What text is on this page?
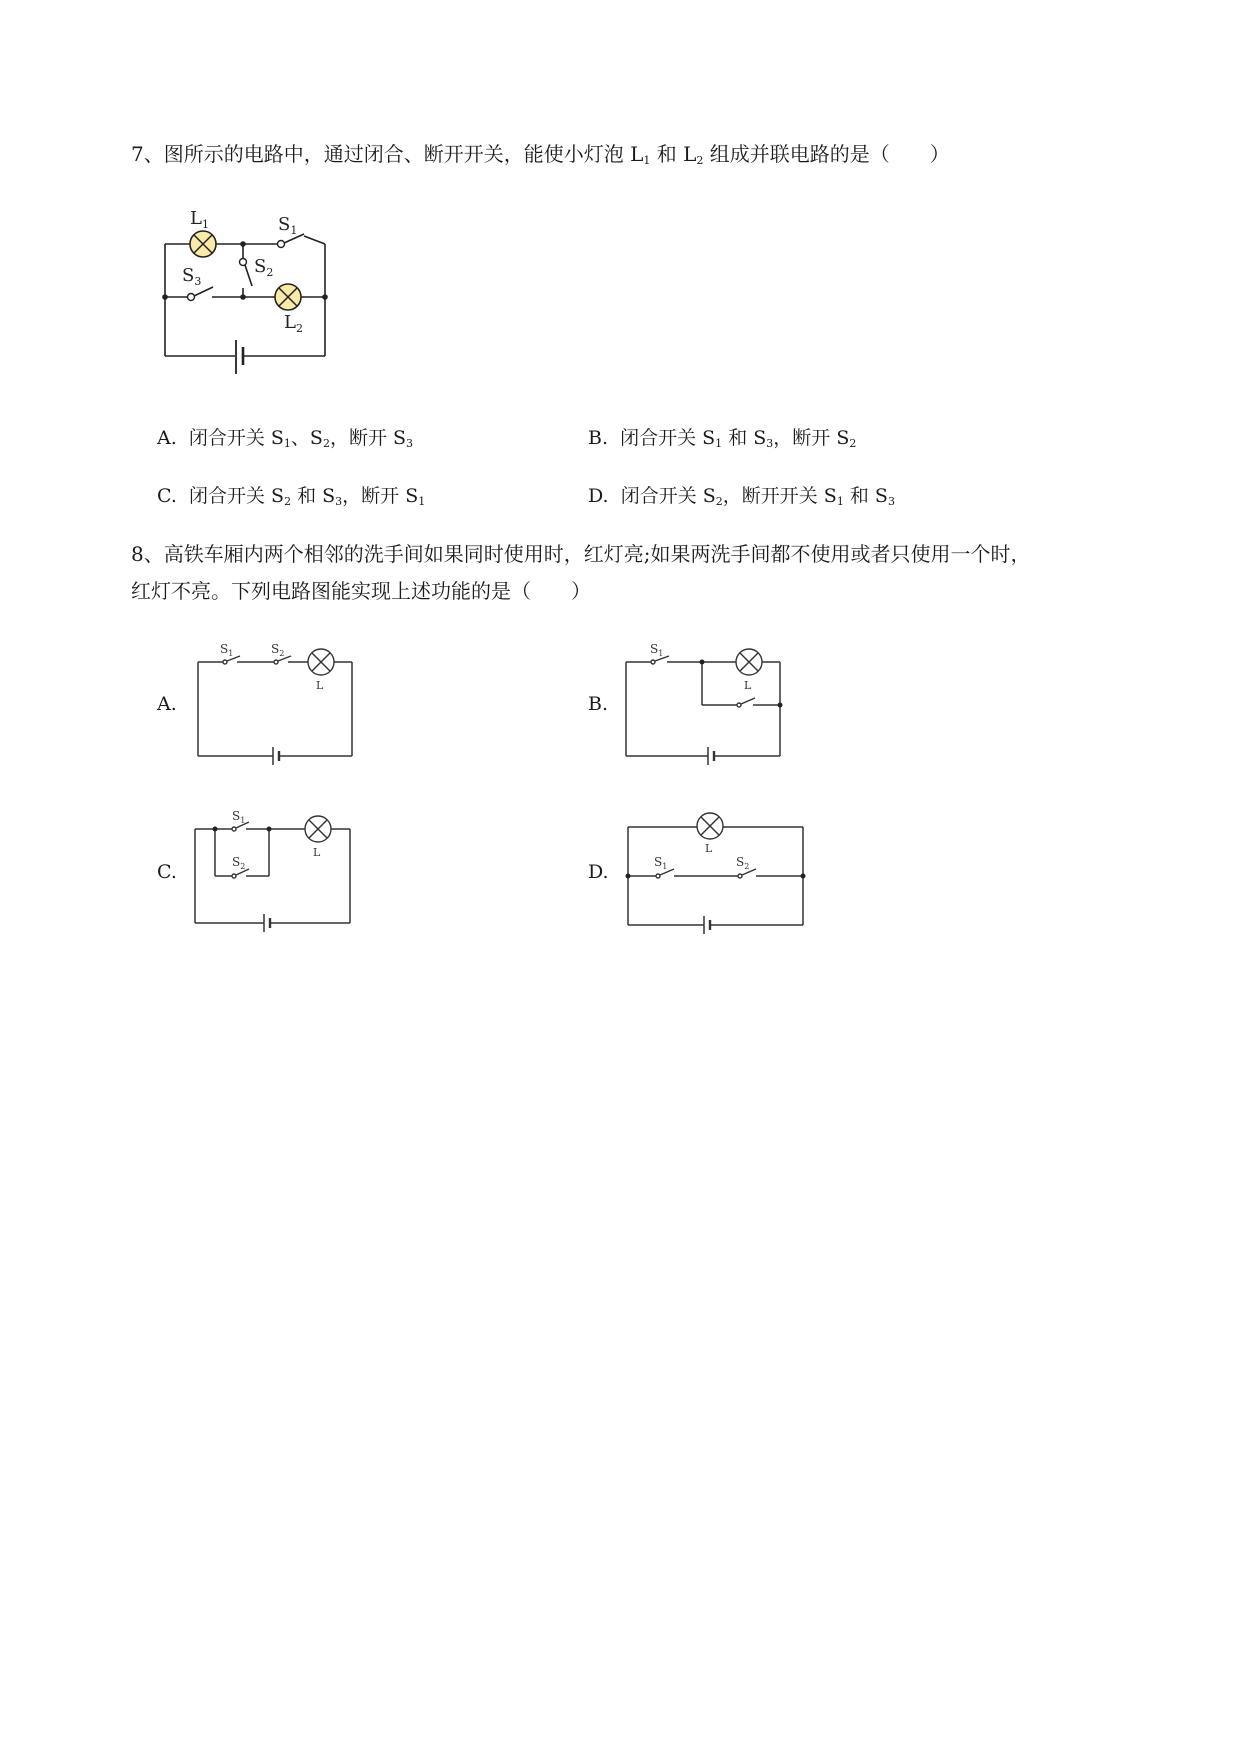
7、图所示的电路中，通过闭合、断开开关，能使小灯泡 $L_1$ 和 $L_2$ 组成并联电路的是（　　）
$L_1$	$S_1$
$S_2$
$S_3$
$L_2$
A. 闭合开关 $S_1$、$S_2$，断开 $S_3$	B. 闭合开关 $S_1$ 和 $S_3$，断开 $S_2$
C. 闭合开关 $S_2$ 和 $S_3$，断开 $S_1$	D. 闭合开关 $S_2$，断开开关 $S_1$ 和 $S_3$
8、高铁车厢内两个相邻的洗手间如果同时使用时，红灯亮;如果两洗手间都不使用或者只使用一个时，
红灯不亮。下列电路图能实现上述功能的是（　　）
A.
$S_1$	$S_2$
L
B.
$S_1$
L
C.
$S_1$
$S_2$
L
D.	$S_1$	$S_2$
L
